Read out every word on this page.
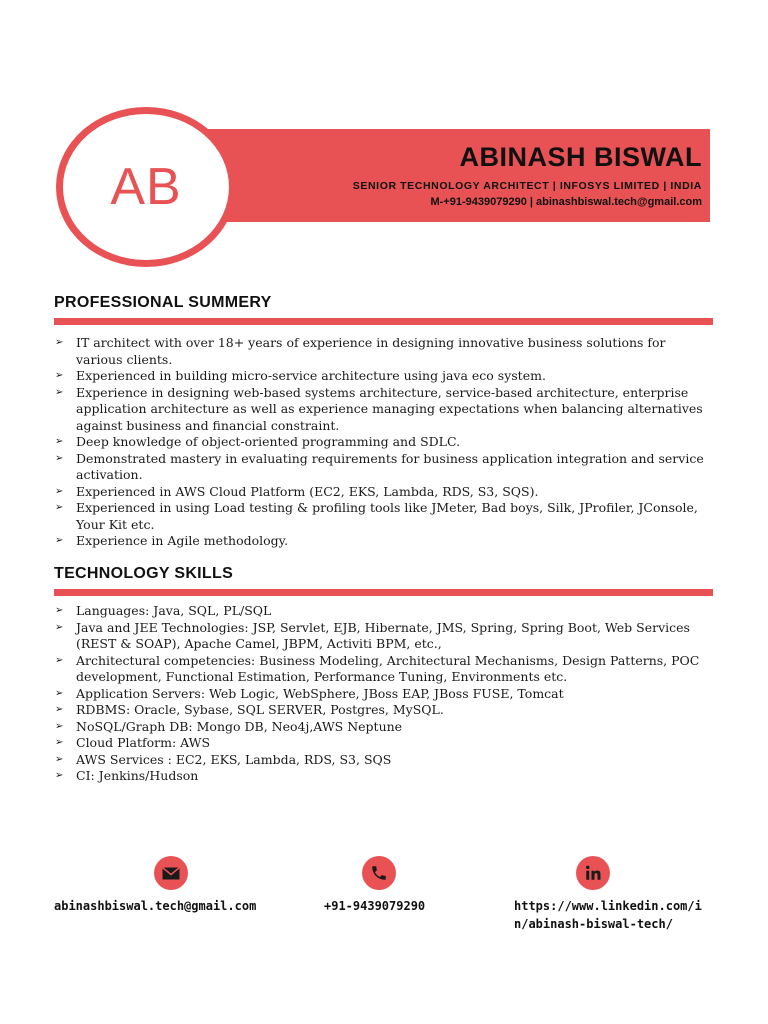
AB
ABINASH BISWAL
SENIOR TECHNOLOGY ARCHITECT | INFOSYS LIMITED | INDIA
M-+91-9439079290 | abinashbiswal.tech@gmail.com
PROFESSIONAL SUMMERY
➢ IT architect with over 18+ years of experience in designing innovative business solutions for various clients.
➢ Experienced in building micro-service architecture using java eco system.
➢ Experience in designing web-based systems architecture, service-based architecture, enterprise application architecture as well as experience managing expectations when balancing alternatives against business and financial constraint.
➢ Deep knowledge of object-oriented programming and SDLC.
➢ Demonstrated mastery in evaluating requirements for business application integration and service activation.
➢ Experienced in AWS Cloud Platform (EC2, EKS, Lambda, RDS, S3, SQS).
➢ Experienced in using Load testing & profiling tools like JMeter, Bad boys, Silk, JProfiler, JConsole, Your Kit etc.
➢ Experience in Agile methodology.
TECHNOLOGY SKILLS
➢ Languages: Java, SQL, PL/SQL
➢ Java and JEE Technologies: JSP, Servlet, EJB, Hibernate, JMS, Spring, Spring Boot, Web Services (REST & SOAP), Apache Camel, JBPM, Activiti BPM, etc.,
➢ Architectural competencies: Business Modeling, Architectural Mechanisms, Design Patterns, POC development, Functional Estimation, Performance Tuning, Environments etc.
➢ Application Servers: Web Logic, WebSphere, JBoss EAP, JBoss FUSE, Tomcat
➢ RDBMS: Oracle, Sybase, SQL SERVER, Postgres, MySQL.
➢ NoSQL/Graph DB: Mongo DB, Neo4j,AWS Neptune
➢ Cloud Platform: AWS
➢ AWS Services : EC2, EKS, Lambda, RDS, S3, SQS
➢ CI: Jenkins/Hudson
abinashbiswal.tech@gmail.com	+91-9439079290	https://www.linkedin.com/i
n/abinash-biswal-tech/
